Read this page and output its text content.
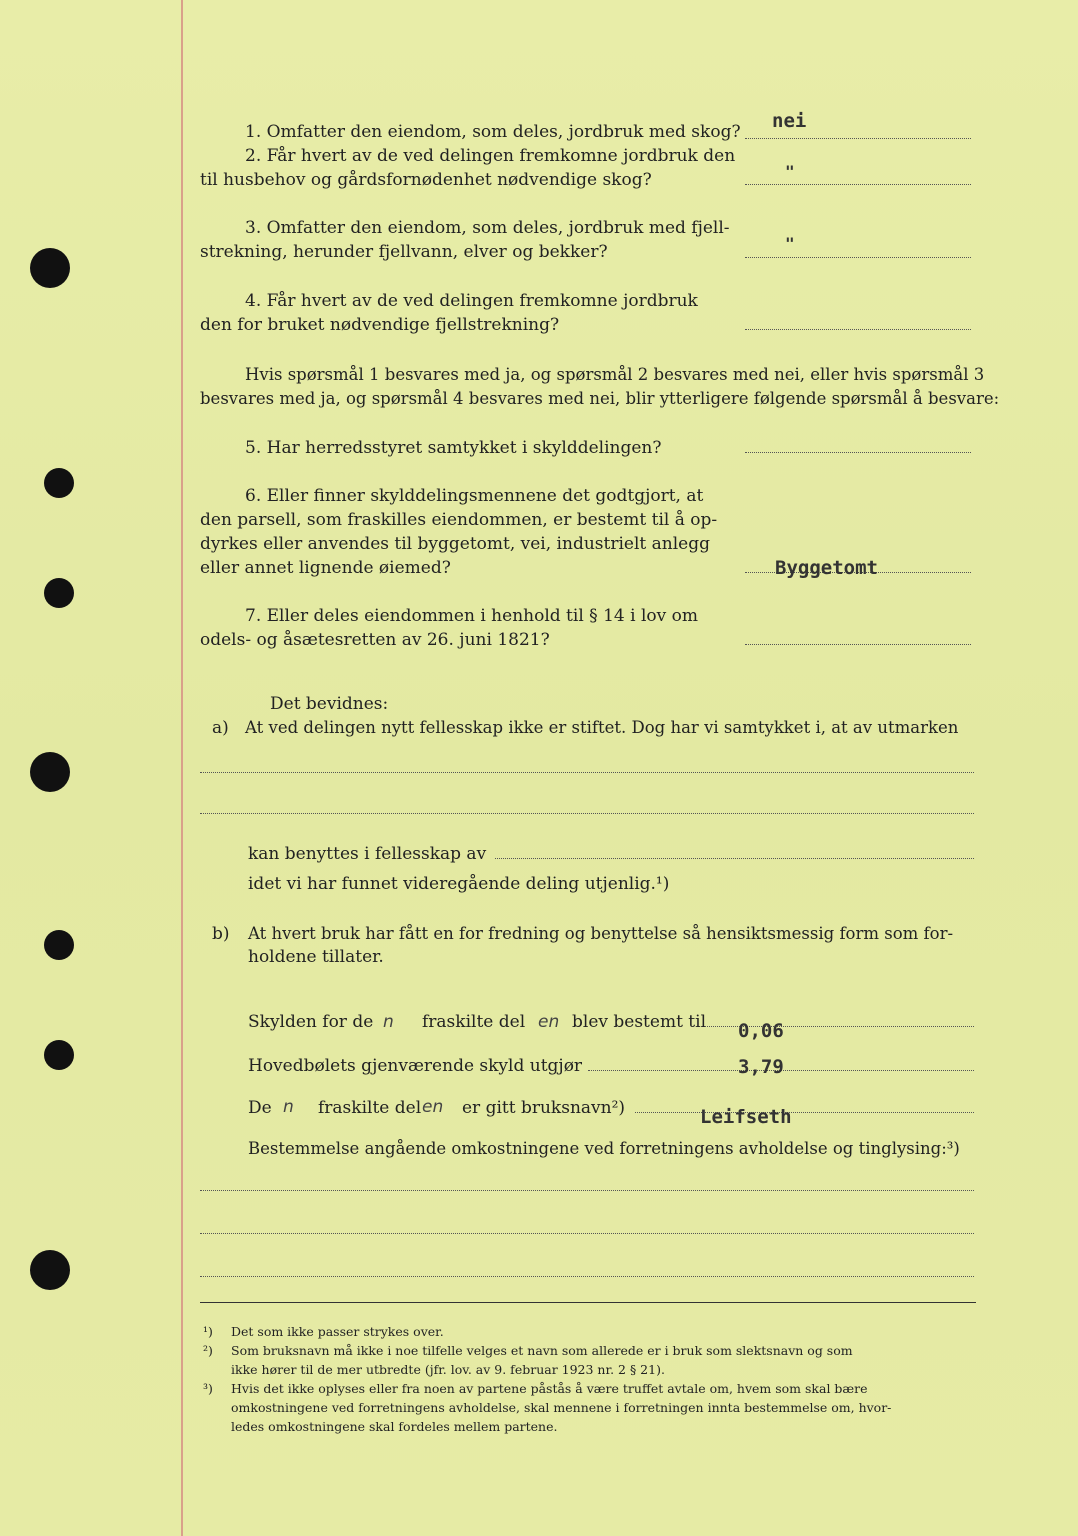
1. Omfatter den eiendom, som deles, jordbruk med skog? nei
2. Får hvert av de ved delingen fremkomne jordbruk den
til husbehov og gårdsfornødenhet nødvendige skog?	"
3. Omfatter den eiendom, som deles, jordbruk med fjell-
strekning, herunder fjellvann, elver og bekker?	"
4. Får hvert av de ved delingen fremkomne jordbruk
den for bruket nødvendige fjellstrekning?
Hvis spørsmål 1 besvares med ja, og spørsmål 2 besvares med nei, eller hvis spørsmål 3
besvares med ja, og spørsmål 4 besvares med nei, blir ytterligere følgende spørsmål å besvare:
5. Har herredsstyret samtykket i skylddelingen?
6. Eller finner skylddelingsmennene det godtgjort, at
den parsell, som fraskilles eiendommen, er bestemt til å op-
dyrkes eller anvendes til byggetomt, vei, industrielt anlegg
eller annet lignende øiemed?	Byggetomt
7. Eller deles eiendommen i henhold til § 14 i lov om
odels- og åsætesretten av 26. juni 1821?
Det bevidnes:
a) At ved delingen nytt fellesskap ikke er stiftet. Dog har vi samtykket i, at av utmarken
kan benyttes i fellesskap av
idet vi har funnet videregående deling utjenlig.¹)
b) At hvert bruk har fått en for fredning og benyttelse så hensiktsmessig form som for-
holdene tillater.
Skylden for de n fraskilte del en blev bestemt til 0,06
Hovedbølets gjenværende skyld utgjør	3,79
De n fraskilte del en er gitt bruksnavn²)	Leifseth
Bestemmelse angående omkostningene ved forretningens avholdelse og tinglysing:³)
¹) Det som ikke passer strykes over.
²) Som bruksnavn må ikke i noe tilfelle velges et navn som allerede er i bruk som slektsnavn og som
ikke hører til de mer utbredte (jfr. lov. av 9. februar 1923 nr. 2 § 21).
³) Hvis det ikke oplyses eller fra noen av partene påstås å være truffet avtale om, hvem som skal bære
omkostningene ved forretningens avholdelse, skal mennene i forretningen innta bestemmelse om, hvor-
ledes omkostningene skal fordeles mellem partene.
